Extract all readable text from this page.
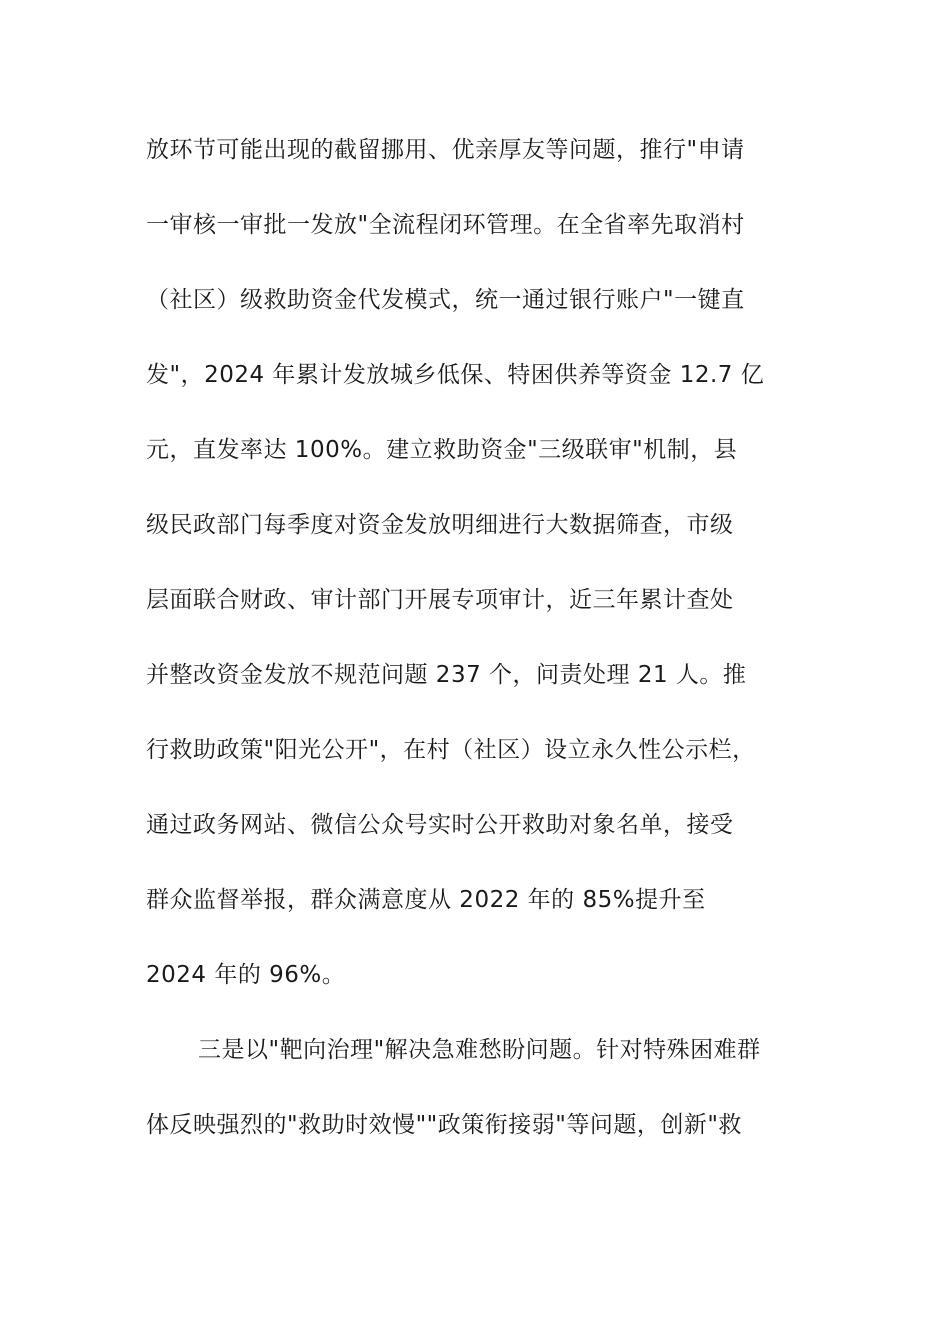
放环节可能出现的截留挪用、优亲厚友等问题，推行"申请
一审核一审批一发放"全流程闭环管理。在全省率先取消村
（社区）级救助资金代发模式，统一通过银行账户"一键直
发"，2024 年累计发放城乡低保、特困供养等资金 12.7 亿
元，直发率达 100%。建立救助资金"三级联审"机制，县
级民政部门每季度对资金发放明细进行大数据筛查，市级
层面联合财政、审计部门开展专项审计，近三年累计查处
并整改资金发放不规范问题 237 个，问责处理 21 人。推
行救助政策"阳光公开"，在村（社区）设立永久性公示栏，
通过政务网站、微信公众号实时公开救助对象名单，接受
群众监督举报，群众满意度从 2022 年的 85%提升至
2024 年的 96%。
三是以"靶向治理"解决急难愁盼问题。针对特殊困难群
体反映强烈的"救助时效慢""政策衔接弱"等问题，创新"救
